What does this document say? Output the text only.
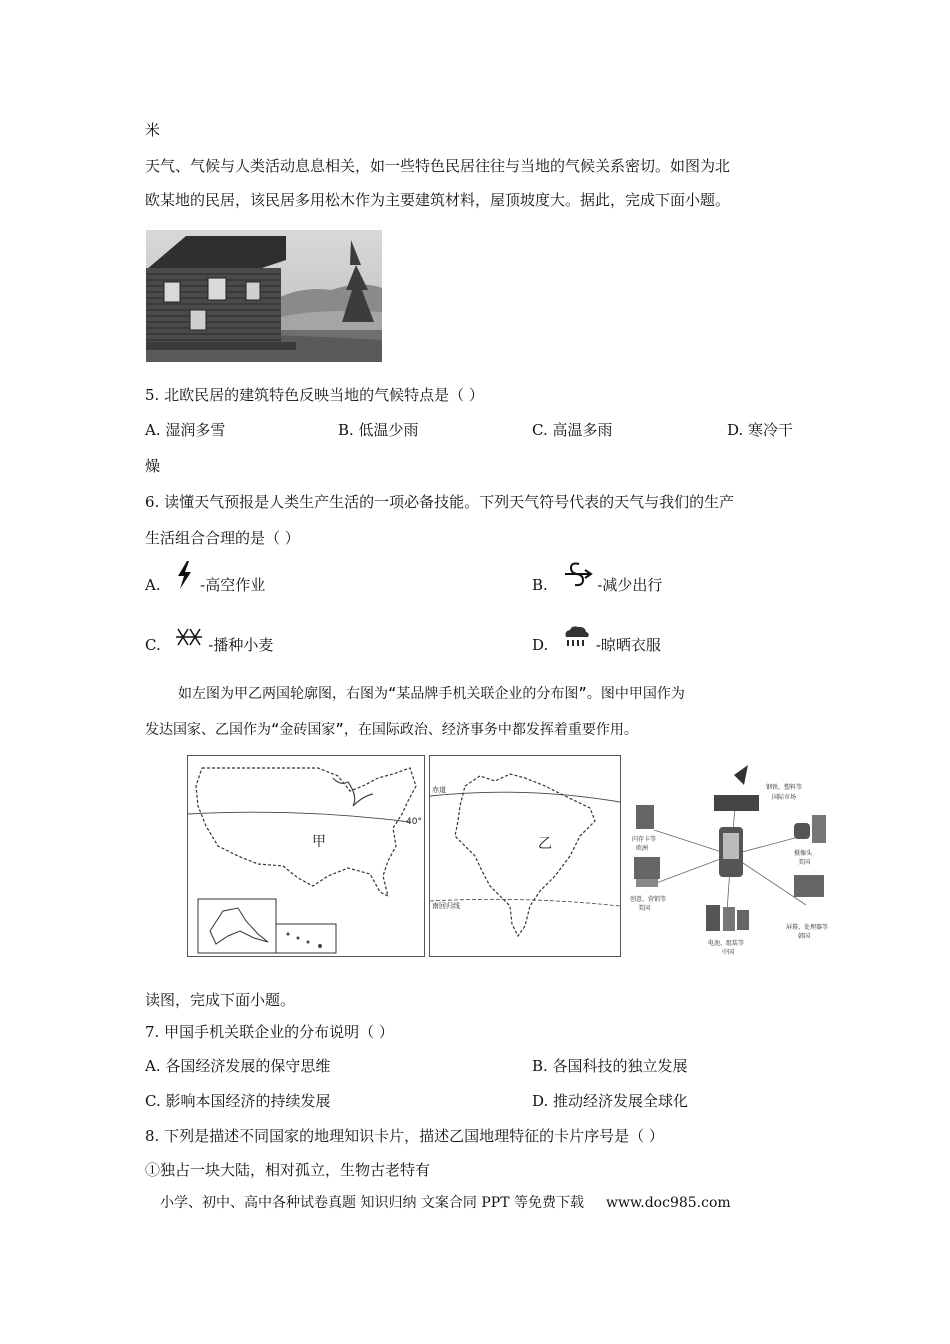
米
天气、气候与人类活动息息相关，如一些特色民居往往与当地的气候关系密切。如图为北
欧某地的民居，该民居多用松木作为主要建筑材料，屋顶坡度大。据此，完成下面小题。
5. 北欧民居的建筑特色反映当地的气候特点是（ ）
A. 湿润多雪	B. 低温少雨	C. 高温多雨	D. 寒冷干
燥
6. 读懂天气预报是人类生产生活的一项必备技能。下列天气符号代表的天气与我们的生产
生活组合合理的是（ ）
A.	-高空作业	B.	-减少出行
C.	-播种小麦	D.	-晾晒衣服
如左图为甲乙两国轮廓图，右图为“某品牌手机关联企业的分布图”。图中甲国作为
发达国家、乙国作为“金砖国家”，在国际政治、经济事务中都发挥着重要作用。
40°
甲
赤道
南回归线
乙
钢铁、塑料等
国际市场
闪存卡等
欧洲
摄像头
美国
创意、营销等
美国
屏幕、处理器等
韩国
电池、组装等
中国
读图，完成下面小题。
7. 甲国手机关联企业的分布说明（ ）
A. 各国经济发展的保守思维	B. 各国科技的独立发展
C. 影响本国经济的持续发展	D. 推动经济发展全球化
8. 下列是描述不同国家的地理知识卡片，描述乙国地理特征的卡片序号是（ ）
①独占一块大陆，相对孤立，生物古老特有
小学、初中、高中各种试卷真题 知识归纳 文案合同 PPT 等免费下载 www.doc985.com
